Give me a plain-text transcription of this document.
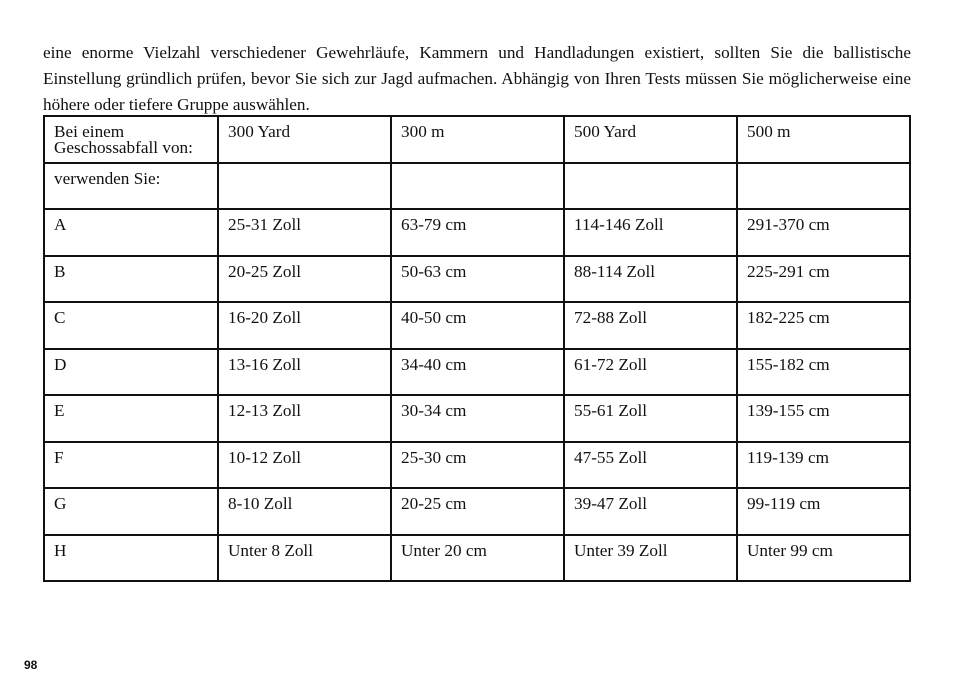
eine enorme Vielzahl verschiedener Gewehrläufe, Kammern und Handladungen existiert, sollten Sie die ballistische Einstellung gründlich prüfen, bevor Sie sich zur Jagd aufmachen. Abhängig von Ihren Tests müssen Sie möglicherweise eine höhere oder tiefere Gruppe auswählen.

Bei einem Geschossabfall von:	300 Yard	300 m	500 Yard	500 m
verwenden Sie:				
A	25-31 Zoll	63-79 cm	114-146 Zoll	291-370 cm
B	20-25 Zoll	50-63 cm	88-114 Zoll	225-291 cm
C	16-20 Zoll	40-50 cm	72-88 Zoll	182-225 cm
D	13-16 Zoll	34-40 cm	61-72 Zoll	155-182 cm
E	12-13 Zoll	30-34 cm	55-61 Zoll	139-155 cm
F	10-12 Zoll	25-30 cm	47-55 Zoll	119-139 cm
G	8-10 Zoll	20-25 cm	39-47 Zoll	99-119 cm
H	Unter 8 Zoll	Unter 20 cm	Unter 39 Zoll	Unter 99 cm
98
